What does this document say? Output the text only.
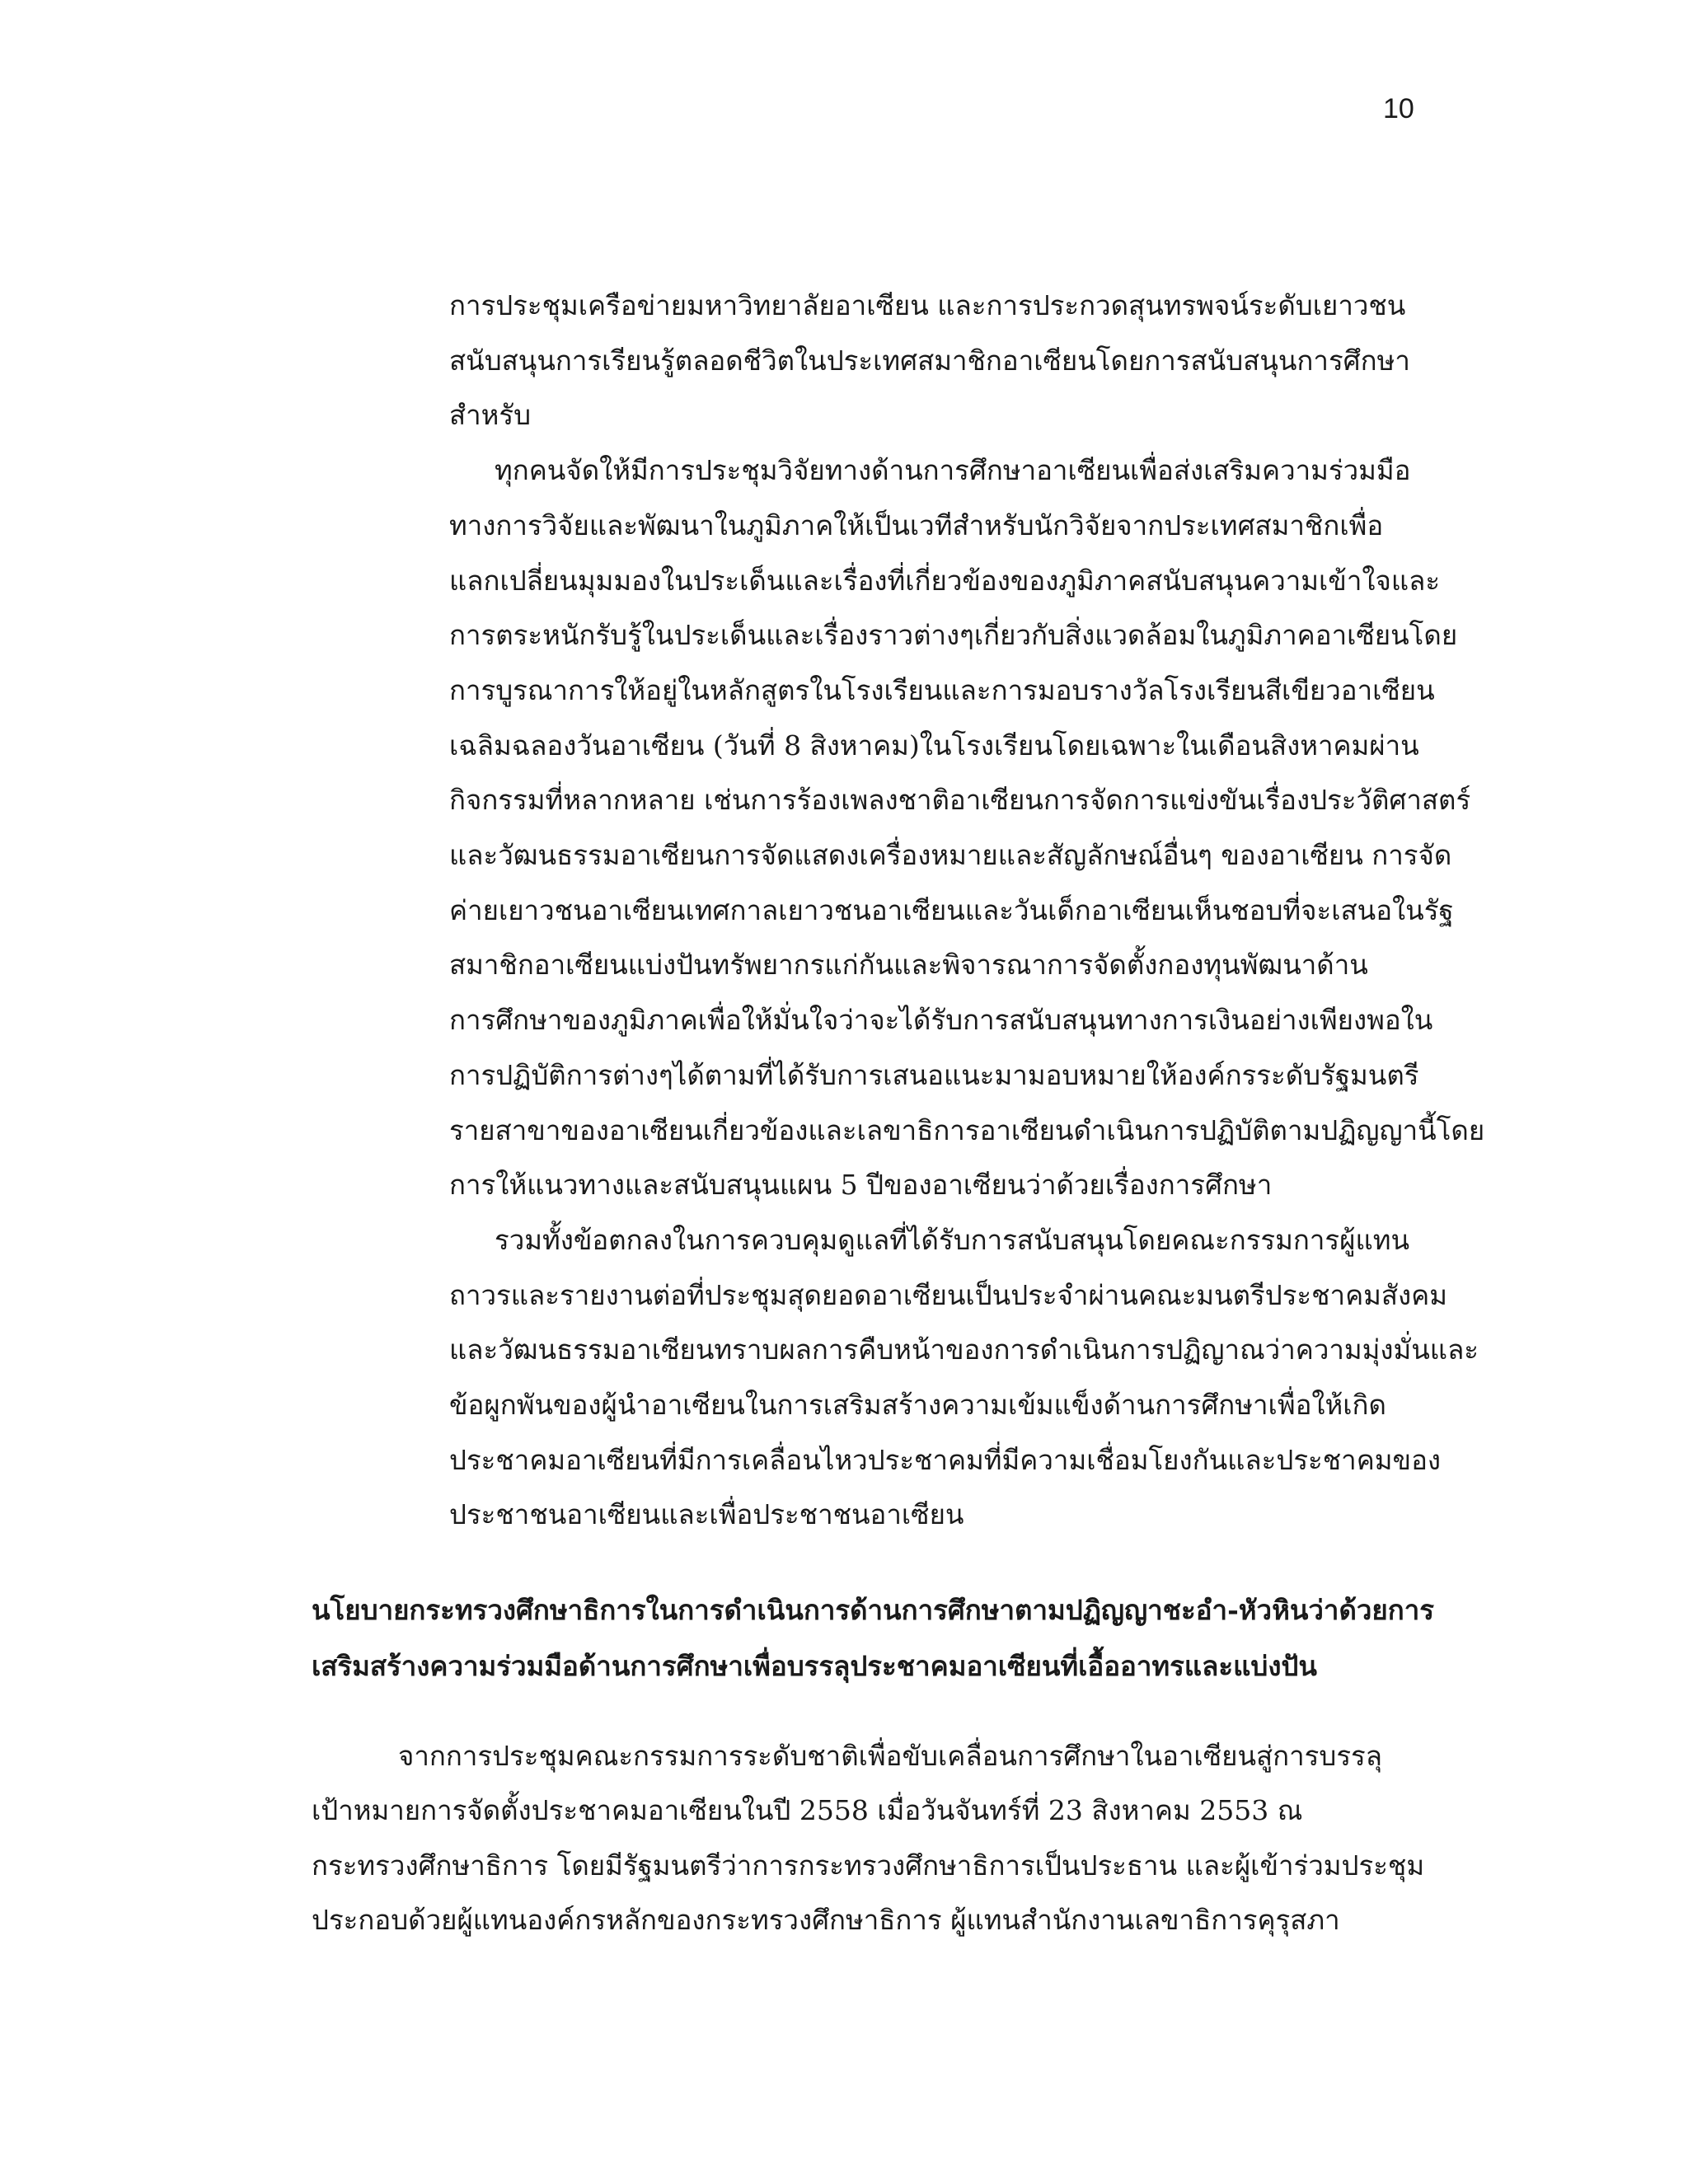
10

การประชุมเครือข่ายมหาวิทยาลัยอาเซียน และการประกวดสุนทรพจน์ระดับเยาวชน

สนับสนุนการเรียนรู้ตลอดชีวิตในประเทศสมาชิกอาเซียนโดยการสนับสนุนการศึกษา

สำหรับ

ทุกคนจัดให้มีการประชุมวิจัยทางด้านการศึกษาอาเซียนเพื่อส่งเสริมความร่วมมือ

ทางการวิจัยและพัฒนาในภูมิภาคให้เป็นเวทีสำหรับนักวิจัยจากประเทศสมาชิกเพื่อ

แลกเปลี่ยนมุมมองในประเด็นและเรื่องที่เกี่ยวข้องของภูมิภาคสนับสนุนความเข้าใจและ

การตระหนักรับรู้ในประเด็นและเรื่องราวต่างๆเกี่ยวกับสิ่งแวดล้อมในภูมิภาคอาเซียนโดย

การบูรณาการให้อยู่ในหลักสูตรในโรงเรียนและการมอบรางวัลโรงเรียนสีเขียวอาเซียน

เฉลิมฉลองวันอาเซียน (วันที่ 8 สิงหาคม)ในโรงเรียนโดยเฉพาะในเดือนสิงหาคมผ่าน

กิจกรรมที่หลากหลาย เช่นการร้องเพลงชาติอาเซียนการจัดการแข่งขันเรื่องประวัติศาสตร์

และวัฒนธรรมอาเซียนการจัดแสดงเครื่องหมายและสัญลักษณ์อื่นๆ ของอาเซียน การจัด

ค่ายเยาวชนอาเซียนเทศกาลเยาวชนอาเซียนและวันเด็กอาเซียนเห็นชอบที่จะเสนอในรัฐ

สมาชิกอาเซียนแบ่งปันทรัพยากรแก่กันและพิจารณาการจัดตั้งกองทุนพัฒนาด้าน

การศึกษาของภูมิภาคเพื่อให้มั่นใจว่าจะได้รับการสนับสนุนทางการเงินอย่างเพียงพอใน

การปฏิบัติการต่างๆได้ตามที่ได้รับการเสนอแนะมามอบหมายให้องค์กรระดับรัฐมนตรี

รายสาขาของอาเซียนเกี่ยวข้องและเลขาธิการอาเซียนดำเนินการปฏิบัติตามปฏิญญานี้โดย

การให้แนวทางและสนับสนุนแผน 5 ปีของอาเซียนว่าด้วยเรื่องการศึกษา

รวมทั้งข้อตกลงในการควบคุมดูแลที่ได้รับการสนับสนุนโดยคณะกรรมการผู้แทน

ถาวรและรายงานต่อที่ประชุมสุดยอดอาเซียนเป็นประจำผ่านคณะมนตรีประชาคมสังคม

และวัฒนธรรมอาเซียนทราบผลการคืบหน้าของการดำเนินการปฏิญาณว่าความมุ่งมั่นและ

ข้อผูกพันของผู้นำอาเซียนในการเสริมสร้างความเข้มแข็งด้านการศึกษาเพื่อให้เกิด

ประชาคมอาเซียนที่มีการเคลื่อนไหวประชาคมที่มีความเชื่อมโยงกันและประชาคมของ

ประชาชนอาเซียนและเพื่อประชาชนอาเซียน

นโยบายกระทรวงศึกษาธิการในการดำเนินการด้านการศึกษาตามปฏิญญาชะอำ-หัวหินว่าด้วยการ

เสริมสร้างความร่วมมือด้านการศึกษาเพื่อบรรลุประชาคมอาเซียนที่เอื้ออาทรและแบ่งปัน

จากการประชุมคณะกรรมการระดับชาติเพื่อขับเคลื่อนการศึกษาในอาเซียนสู่การบรรลุ

เป้าหมายการจัดตั้งประชาคมอาเซียนในปี 2558 เมื่อวันจันทร์ที่ 23 สิงหาคม 2553 ณ

กระทรวงศึกษาธิการ โดยมีรัฐมนตรีว่าการกระทรวงศึกษาธิการเป็นประธาน และผู้เข้าร่วมประชุม

ประกอบด้วยผู้แทนองค์กรหลักของกระทรวงศึกษาธิการ ผู้แทนสำนักงานเลขาธิการคุรุสภา
